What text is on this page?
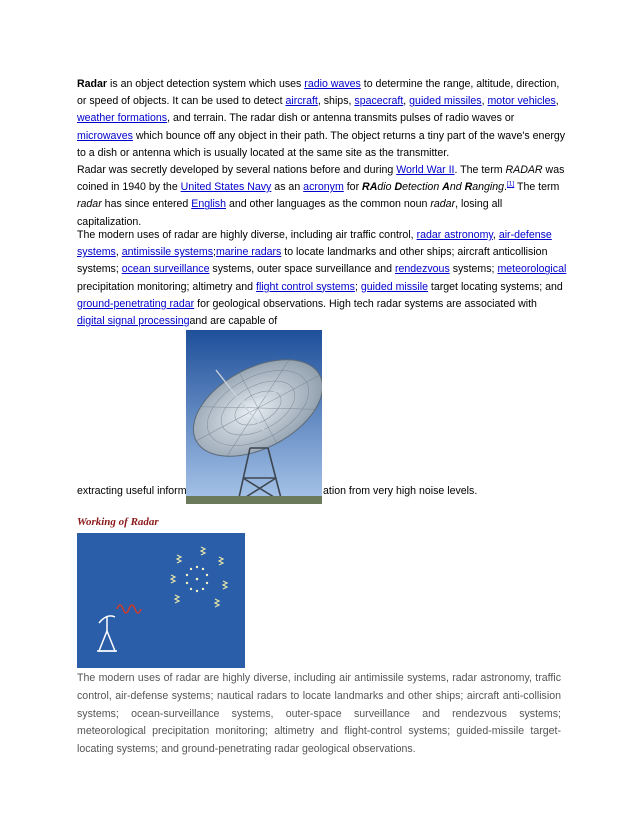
Radar is an object detection system which uses radio waves to determine the range, altitude, direction, or speed of objects. It can be used to detect aircraft, ships, spacecraft, guided missiles, motor vehicles, weather formations, and terrain. The radar dish or antenna transmits pulses of radio waves or microwaves which bounce off any object in their path. The object returns a tiny part of the wave's energy to a dish or antenna which is usually located at the same site as the transmitter.
Radar was secretly developed by several nations before and during World War II. The term RADAR was coined in 1940 by the United States Navy as an acronym for RAdio Detection And Ranging.[1] The term radar has since entered English and other languages as the common noun radar, losing all capitalization.
The modern uses of radar are highly diverse, including air traffic control, radar astronomy, air-defense systems, antimissile systems;marine radars to locate landmarks and other ships; aircraft anticollision systems; ocean surveillance systems, outer space surveillance and rendezvous systems; meteorological precipitation monitoring; altimetry and flight control systems; guided missile target locating systems; and ground-penetrating radar for geological observations. High tech radar systems are associated with digital signal processingand are capable of
extracting useful inform	ation from very high noise levels.
Working of Radar
The modern uses of radar are highly diverse, including air antimissile systems, radar astronomy, traffic control, air-defense systems; nautical radars to locate landmarks and other ships; aircraft anti-collision systems; ocean-surveillance systems, outer-space surveillance and rendezvous systems; meteorological precipitation monitoring; altimetry and flight-control systems; guided-missile target-locating systems; and ground-penetrating radar geological observations.
